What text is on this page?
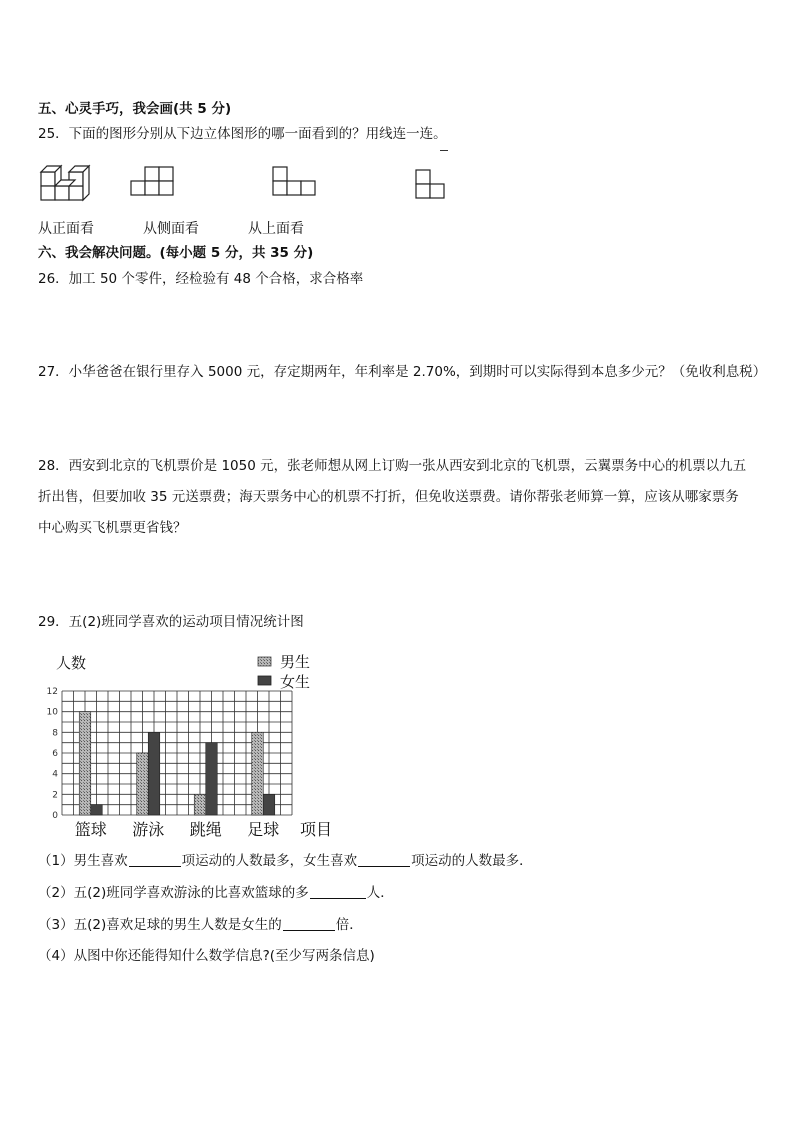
五、心灵手巧，我会画(共 5 分)
25．下面的图形分别从下边立体图形的哪一面看到的？用线连一连。
从正面看	从侧面看	从上面看
六、我会解决问题。(每小题 5 分，共 35 分)
26．加工 50 个零件，经检验有 48 个合格，求合格率
27．小华爸爸在银行里存入 5000 元，存定期两年，年利率是 2.70%，到期时可以实际得到本息多少元？（免收利息税）
28．西安到北京的飞机票价是 1050 元，张老师想从网上订购一张从西安到北京的飞机票，云翼票务中心的机票以九五
折出售，但要加收 35 元送票费；海天票务中心的机票不打折，但免收送票费。请你帮张老师算一算，应该从哪家票务
中心购买飞机票更省钱？
29．五(2)班同学喜欢的运动项目情况统计图
人数	男生
女生
0
2
4
6
8
10
12
篮球 游泳 跳绳 足球 项目
（1）男生喜欢	项运动的人数最多，女生喜欢	项运动的人数最多．
（2）五(2)班同学喜欢游泳的比喜欢篮球的多	人．
（3）五(2)喜欢足球的男生人数是女生的	倍．
（4）从图中你还能得知什么数学信息?(至少写两条信息)
